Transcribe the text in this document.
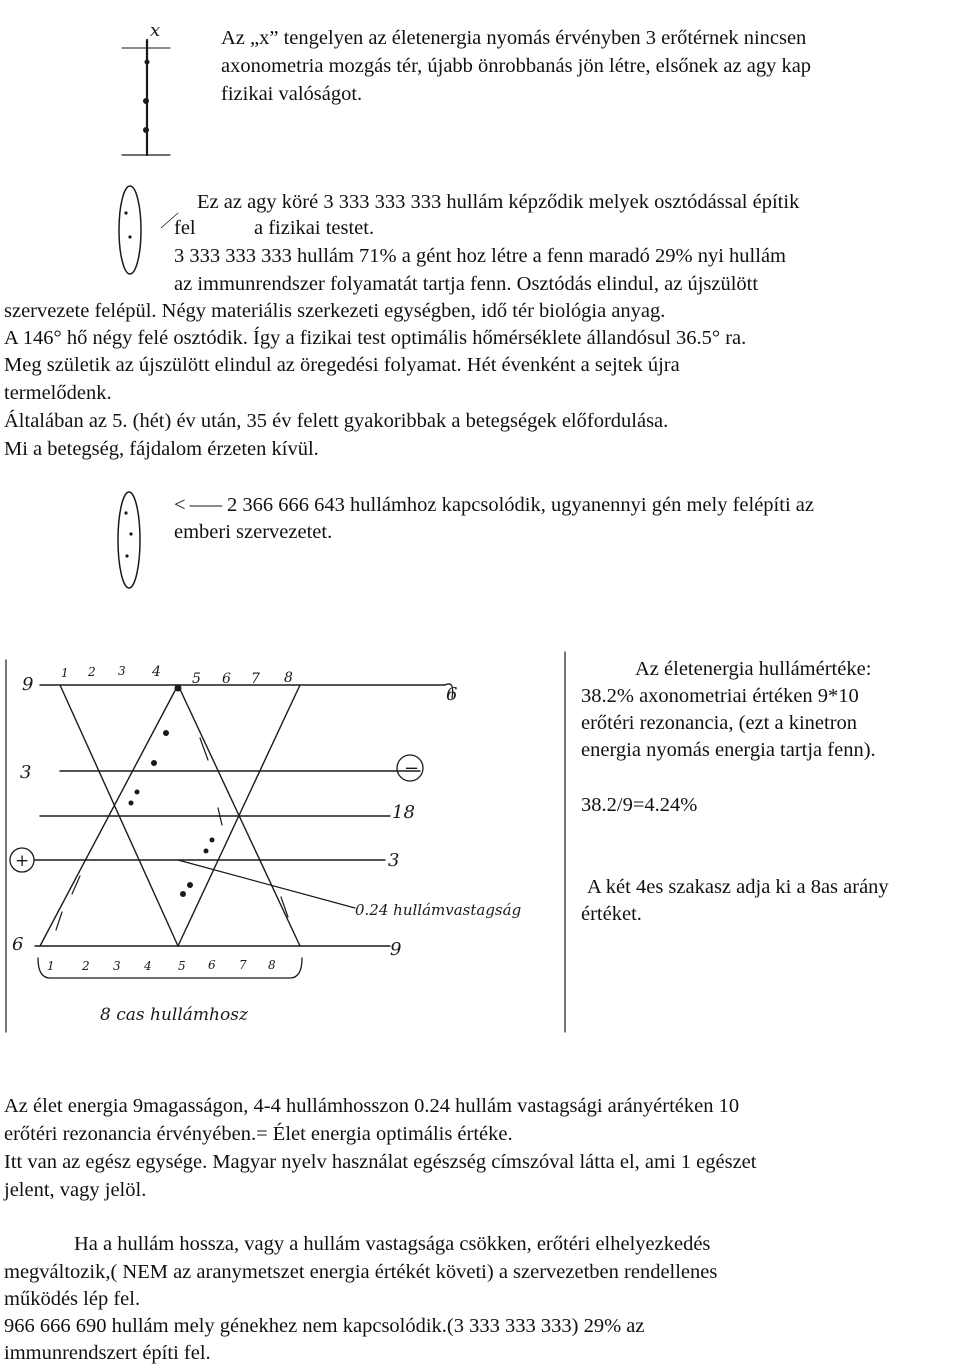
x
9
1 2 3 4 5 6 7 8
6
3	−
18
+	3
0.24 hullámvastagság
6	9
1 2 3 4 5 6 7 8
8 cas hullámhosz
Az „x” tengelyen az életenergia nyomás érvényben 3 erőtérnek nincsen
axonometria mozgás tér, újabb önrobbanás jön létre, elsőnek az agy kap
fizikai valóságot.
Ez az agy köré 3 333 333 333 hullám képződik melyek osztódással építik
fel	a fizikai testet.
3 333 333 333 hullám 71% a gént hoz létre a fenn maradó 29% nyi hullám
az immunrendszer folyamatát tartja fenn. Osztódás elindul, az újszülött
szervezete felépül. Négy materiális szerkezeti egységben, idő tér biológia anyag.
A 146° hő négy felé osztódik. Így a fizikai test optimális hőmérséklete állandósul 36.5° ra.
Meg születik az újszülött elindul az öregedési folyamat. Hét évenként a sejtek újra
termelődenk.
Általában az 5. (hét) év után, 35 év felett gyakoribbak a betegségek előfordulása.
Mi a betegség, fájdalom érzeten kívül.
< 2 366 666 643 hullámhoz kapcsolódik, ugyanennyi gén mely felépíti az
emberi szervezetet.
Az életenergia hullámértéke:
38.2% axonometriai értéken 9*10
erőtéri rezonancia, (ezt a kinetron
energia nyomás energia tartja fenn).
38.2/9=4.24%
A két 4es szakasz adja ki a 8as arány
értéket.
Az élet energia 9magasságon, 4-4 hullámhosszon 0.24 hullám vastagsági arányértéken 10
erőtéri rezonancia érvényében.= Élet energia optimális értéke.
Itt van az egész egysége. Magyar nyelv használat egészség címszóval látta el, ami 1 egészet
jelent, vagy jelöl.
Ha a hullám hossza, vagy a hullám vastagsága csökken, erőtéri elhelyezkedés
megváltozik,( NEM az aranymetszet energia értékét követi) a szervezetben rendellenes
működés lép fel.
966 666 690 hullám mely génekhez nem kapcsolódik.(3 333 333 333) 29% az
immunrendszert építi fel.
